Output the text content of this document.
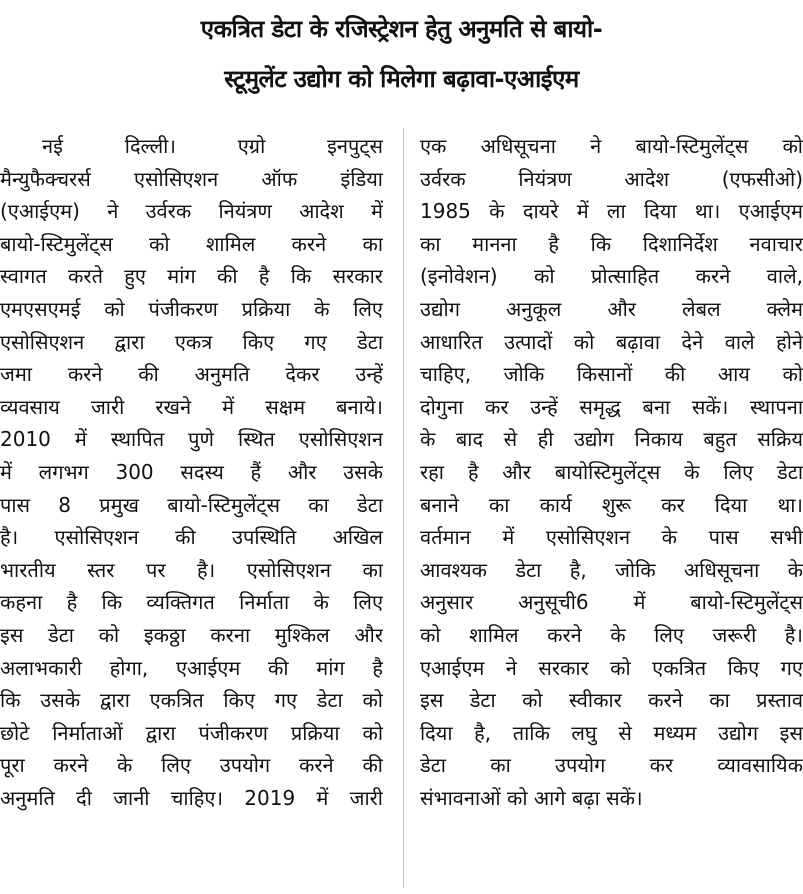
एकत्रित डेटा के रजिस्ट्रेशन हेतु अनुमति से बायो-
स्टूमुलेंट उद्योग को मिलेगा बढ़ावा-एआईएम
नई दिल्ली। एग्रो इनपुट्स
मैन्युफैक्चरर्स एसोसिएशन ऑफ इंडिया
(एआईएम) ने उर्वरक नियंत्रण आदेश में
बायो-स्टिमुलेंट्स को शामिल करने का
स्वागत करते हुए मांग की है कि सरकार
एमएसएमई को पंजीकरण प्रक्रिया के लिए
एसोसिएशन द्वारा एकत्र किए गए डेटा
जमा करने की अनुमति देकर उन्हें
व्यवसाय जारी रखने में सक्षम बनाये।
2010 में स्थापित पुणे स्थित एसोसिएशन
में लगभग 300 सदस्य हैं और उसके
पास 8 प्रमुख बायो-स्टिमुलेंट्स का डेटा
है। एसोसिएशन की उपस्थिति अखिल
भारतीय स्तर पर है। एसोसिएशन का
कहना है कि व्यक्तिगत निर्माता के लिए
इस डेटा को इकठ्ठा करना मुश्किल और
अलाभकारी होगा, एआईएम की मांग है
कि उसके द्वारा एकत्रित किए गए डेटा को
छोटे निर्माताओं द्वारा पंजीकरण प्रक्रिया को
पूरा करने के लिए उपयोग करने की
अनुमति दी जानी चाहिए। 2019 में जारी
एक अधिसूचना ने बायो-स्टिमुलेंट्स को
उर्वरक नियंत्रण आदेश (एफसीओ)
1985 के दायरे में ला दिया था। एआईएम
का मानना है कि दिशानिर्देश नवाचार
(इनोवेशन) को प्रोत्साहित करने वाले,
उद्योग अनुकूल और लेबल क्लेम
आधारित उत्पादों को बढ़ावा देने वाले होने
चाहिए, जोकि किसानों की आय को
दोगुना कर उन्हें समृद्ध बना सकें। स्थापना
के बाद से ही उद्योग निकाय बहुत सक्रिय
रहा है और बायोस्टिमुलेंट्स के लिए डेटा
बनाने का कार्य शुरू कर दिया था।
वर्तमान में एसोसिएशन के पास सभी
आवश्यक डेटा है, जोकि अधिसूचना के
अनुसार अनुसूची6 में बायो-स्टिमुलेंट्स
को शामिल करने के लिए जरूरी है।
एआईएम ने सरकार को एकत्रित किए गए
इस डेटा को स्वीकार करने का प्रस्ताव
दिया है, ताकि लघु से मध्यम उद्योग इस
डेटा का उपयोग कर व्यावसायिक
संभावनाओं को आगे बढ़ा सकें।
